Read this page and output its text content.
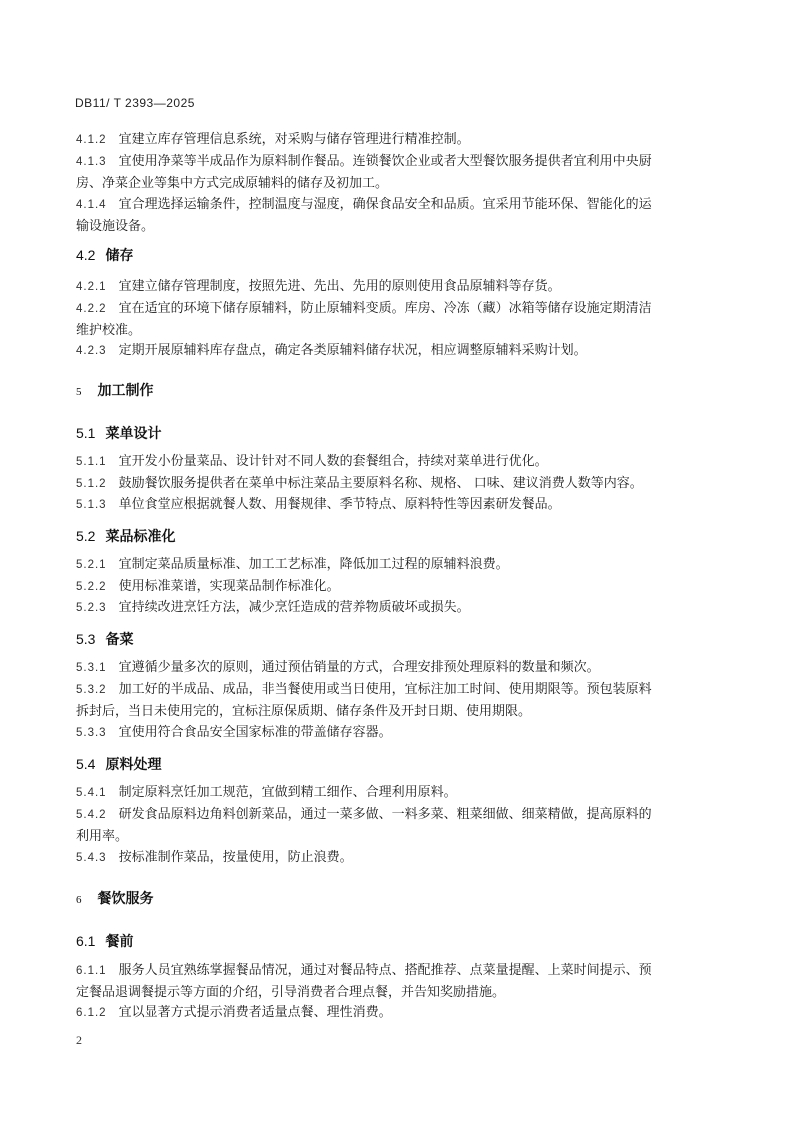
DB11/ T 2393—2025
4.1.2 宜建立库存管理信息系统，对采购与储存管理进行精准控制。
4.1.3 宜使用净菜等半成品作为原料制作餐品。连锁餐饮企业或者大型餐饮服务提供者宜利用中央厨
房、净菜企业等集中方式完成原辅料的储存及初加工。
4.1.4 宜合理选择运输条件，控制温度与湿度，确保食品安全和品质。宜采用节能环保、智能化的运
输设施设备。
4.2 储存
4.2.1 宜建立储存管理制度，按照先进、先出、先用的原则使用食品原辅料等存货。
4.2.2 宜在适宜的环境下储存原辅料，防止原辅料变质。库房、冷冻（藏）冰箱等储存设施定期清洁
维护校准。
4.2.3 定期开展原辅料库存盘点，确定各类原辅料储存状况，相应调整原辅料采购计划。
5 加工制作
5.1 菜单设计
5.1.1 宜开发小份量菜品、设计针对不同人数的套餐组合，持续对菜单进行优化。
5.1.2 鼓励餐饮服务提供者在菜单中标注菜品主要原料名称、规格、 口味、建议消费人数等内容。
5.1.3 单位食堂应根据就餐人数、用餐规律、季节特点、原料特性等因素研发餐品。
5.2 菜品标准化
5.2.1 宜制定菜品质量标准、加工工艺标准，降低加工过程的原辅料浪费。
5.2.2 使用标准菜谱，实现菜品制作标准化。
5.2.3 宜持续改进烹饪方法，减少烹饪造成的营养物质破坏或损失。
5.3 备菜
5.3.1 宜遵循少量多次的原则，通过预估销量的方式，合理安排预处理原料的数量和频次。
5.3.2 加工好的半成品、成品，非当餐使用或当日使用，宜标注加工时间、使用期限等。预包装原料
拆封后，当日未使用完的，宜标注原保质期、储存条件及开封日期、使用期限。
5.3.3 宜使用符合食品安全国家标准的带盖储存容器。
5.4 原料处理
5.4.1 制定原料烹饪加工规范，宜做到精工细作、合理利用原料。
5.4.2 研发食品原料边角料创新菜品，通过一菜多做、一料多菜、粗菜细做、细菜精做，提高原料的
利用率。
5.4.3 按标准制作菜品，按量使用，防止浪费。
6 餐饮服务
6.1 餐前
6.1.1 服务人员宜熟练掌握餐品情况，通过对餐品特点、搭配推荐、点菜量提醒、上菜时间提示、预
定餐品退调餐提示等方面的介绍，引导消费者合理点餐，并告知奖励措施。
6.1.2 宜以显著方式提示消费者适量点餐、理性消费。
2
